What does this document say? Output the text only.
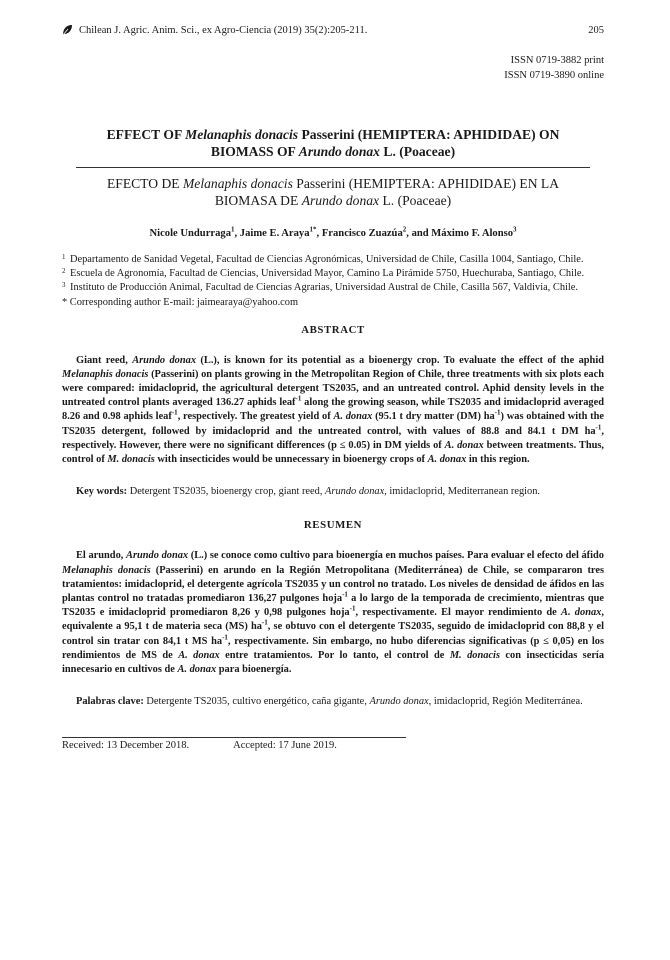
Chilean J. Agric. Anim. Sci., ex Agro-Ciencia (2019) 35(2):205-211.	205
ISSN 0719-3882 print
ISSN 0719-3890 online
EFFECT OF Melanaphis donacis Passerini (HEMIPTERA: APHIDIDAE) ON
BIOMASS OF Arundo donax L. (Poaceae)
EFECTO DE Melanaphis donacis Passerini (HEMIPTERA: APHIDIDAE) EN LA
BIOMASA DE Arundo donax L. (Poaceae)
Nicole Undurraga$^1$, Jaime E. Araya$^{1*}$, Francisco Zuazúa$^2$, and Máximo F. Alonso$^3$
1 Departamento de Sanidad Vegetal, Facultad de Ciencias Agronómicas, Universidad de Chile, Casilla 1004, Santiago, Chile.
2 Escuela de Agronomía, Facultad de Ciencias, Universidad Mayor, Camino La Pirámide 5750, Huechuraba, Santiago, Chile.
3 Instituto de Producción Animal, Facultad de Ciencias Agrarias, Universidad Austral de Chile, Casilla 567, Valdivia, Chile.
* Corresponding author E-mail: jaimearaya@yahoo.com
ABSTRACT
Giant reed, Arundo donax (L.), is known for its potential as a bioenergy crop. To evaluate the effect of the aphid Melanaphis donacis (Passerini) on plants growing in the Metropolitan Region of Chile, three treatments with six plots each were compared: imidacloprid, the agricultural detergent TS2035, and an untreated control. Aphid density levels in the untreated control plants averaged 136.27 aphids leaf$^{-1}$ along the growing season, while TS2035 and imidacloprid averaged 8.26 and 0.98 aphids leaf$^{-1}$, respectively. The greatest yield of A. donax (95.1 t dry matter (DM) $ha^{-1}$) was obtained with the TS2035 detergent, followed by imidacloprid and the untreated control, with values of 88.8 and 84.1 t DM $ha^{-1}$, respectively. However, there were no significant differences (p ≤ 0.05) in DM yields of A. donax between treatments. Thus, control of M. donacis with insecticides would be unnecessary in bioenergy crops of A. donax in this region.
Key words: Detergent TS2035, bioenergy crop, giant reed, Arundo donax, imidacloprid, Mediterranean region.
RESUMEN
El arundo, Arundo donax (L.) se conoce como cultivo para bioenergía en muchos países. Para evaluar el efecto del áfido Melanaphis donacis (Passerini) en arundo en la Región Metropolitana (Mediterránea) de Chile, se compararon tres tratamientos: imidacloprid, el detergente agrícola TS2035 y un control no tratado. Los niveles de densidad de áfidos en las plantas control no tratadas promediaron 136,27 pulgones hoja$^{-1}$ a lo largo de la temporada de crecimiento, mientras que TS2035 e imidacloprid promediaron 8,26 y 0,98 pulgones hoja$^{-1}$, respectivamente. El mayor rendimiento de A. donax, equivalente a 95,1 t de materia seca (MS) $ha^{-1}$, se obtuvo con el detergente TS2035, seguido de imidacloprid con 88,8 y el control sin tratar con 84,1 t MS $ha^{-1}$, respectivamente. Sin embargo, no hubo diferencias significativas (p ≤ 0,05) en los rendimientos de MS de A. donax entre tratamientos. Por lo tanto, el control de M. donacis con insecticidas sería innecesario en cultivos de A. donax para bioenergía.
Palabras clave: Detergente TS2035, cultivo energético, caña gigante, Arundo donax, imidacloprid, Región Mediterránea.
Received: 13 December 2018.	Accepted: 17 June 2019.
